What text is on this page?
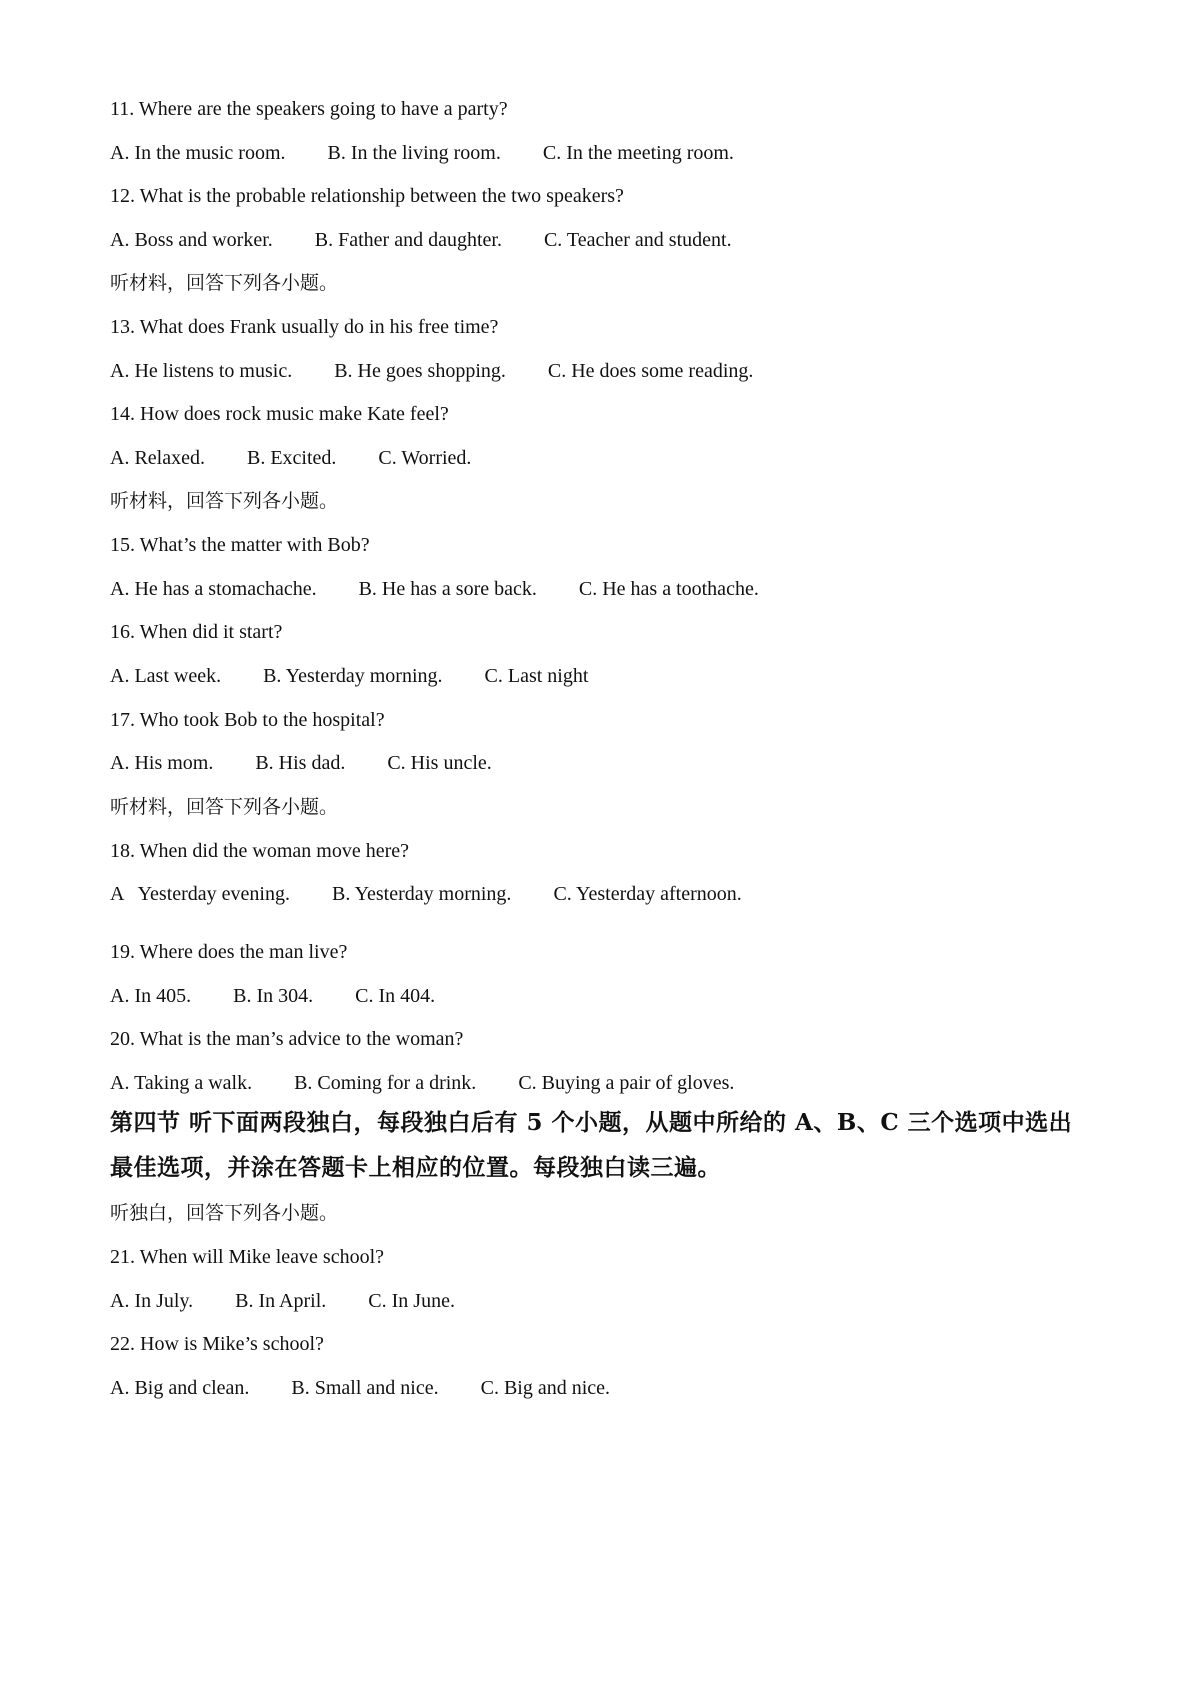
11. Where are the speakers going to have a party?
A. In the music room. B. In the living room. C. In the meeting room.
12. What is the probable relationship between the two speakers?
A. Boss and worker. B. Father and daughter. C. Teacher and student.
听材料，回答下列各小题。
13. What does Frank usually do in his free time?
A. He listens to music. B. He goes shopping. C. He does some reading.
14. How does rock music make Kate feel?
A. Relaxed. B. Excited. C. Worried.
听材料，回答下列各小题。
15. What’s the matter with Bob?
A. He has a stomachache. B. He has a sore back. C. He has a toothache.
16. When did it start?
A. Last week. B. Yesterday morning. C. Last night
17. Who took Bob to the hospital?
A. His mom. B. His dad. C. His uncle.
听材料，回答下列各小题。
18. When did the woman move here?
A   Yesterday evening. B. Yesterday morning. C. Yesterday afternoon.
19. Where does the man live?
A. In 405. B. In 304. C. In 404.
20. What is the man’s advice to the woman?
A. Taking a walk. B. Coming for a drink. C. Buying a pair of gloves.
第四节 听下面两段独白，每段独白后有 5 个小题，从题中所给的 A、B、C 三个选项中选出
最佳选项，并涂在答题卡上相应的位置。每段独白读三遍。
听独白，回答下列各小题。
21. When will Mike leave school?
A. In July. B. In April. C. In June.
22. How is Mike’s school?
A. Big and clean. B. Small and nice. C. Big and nice.
